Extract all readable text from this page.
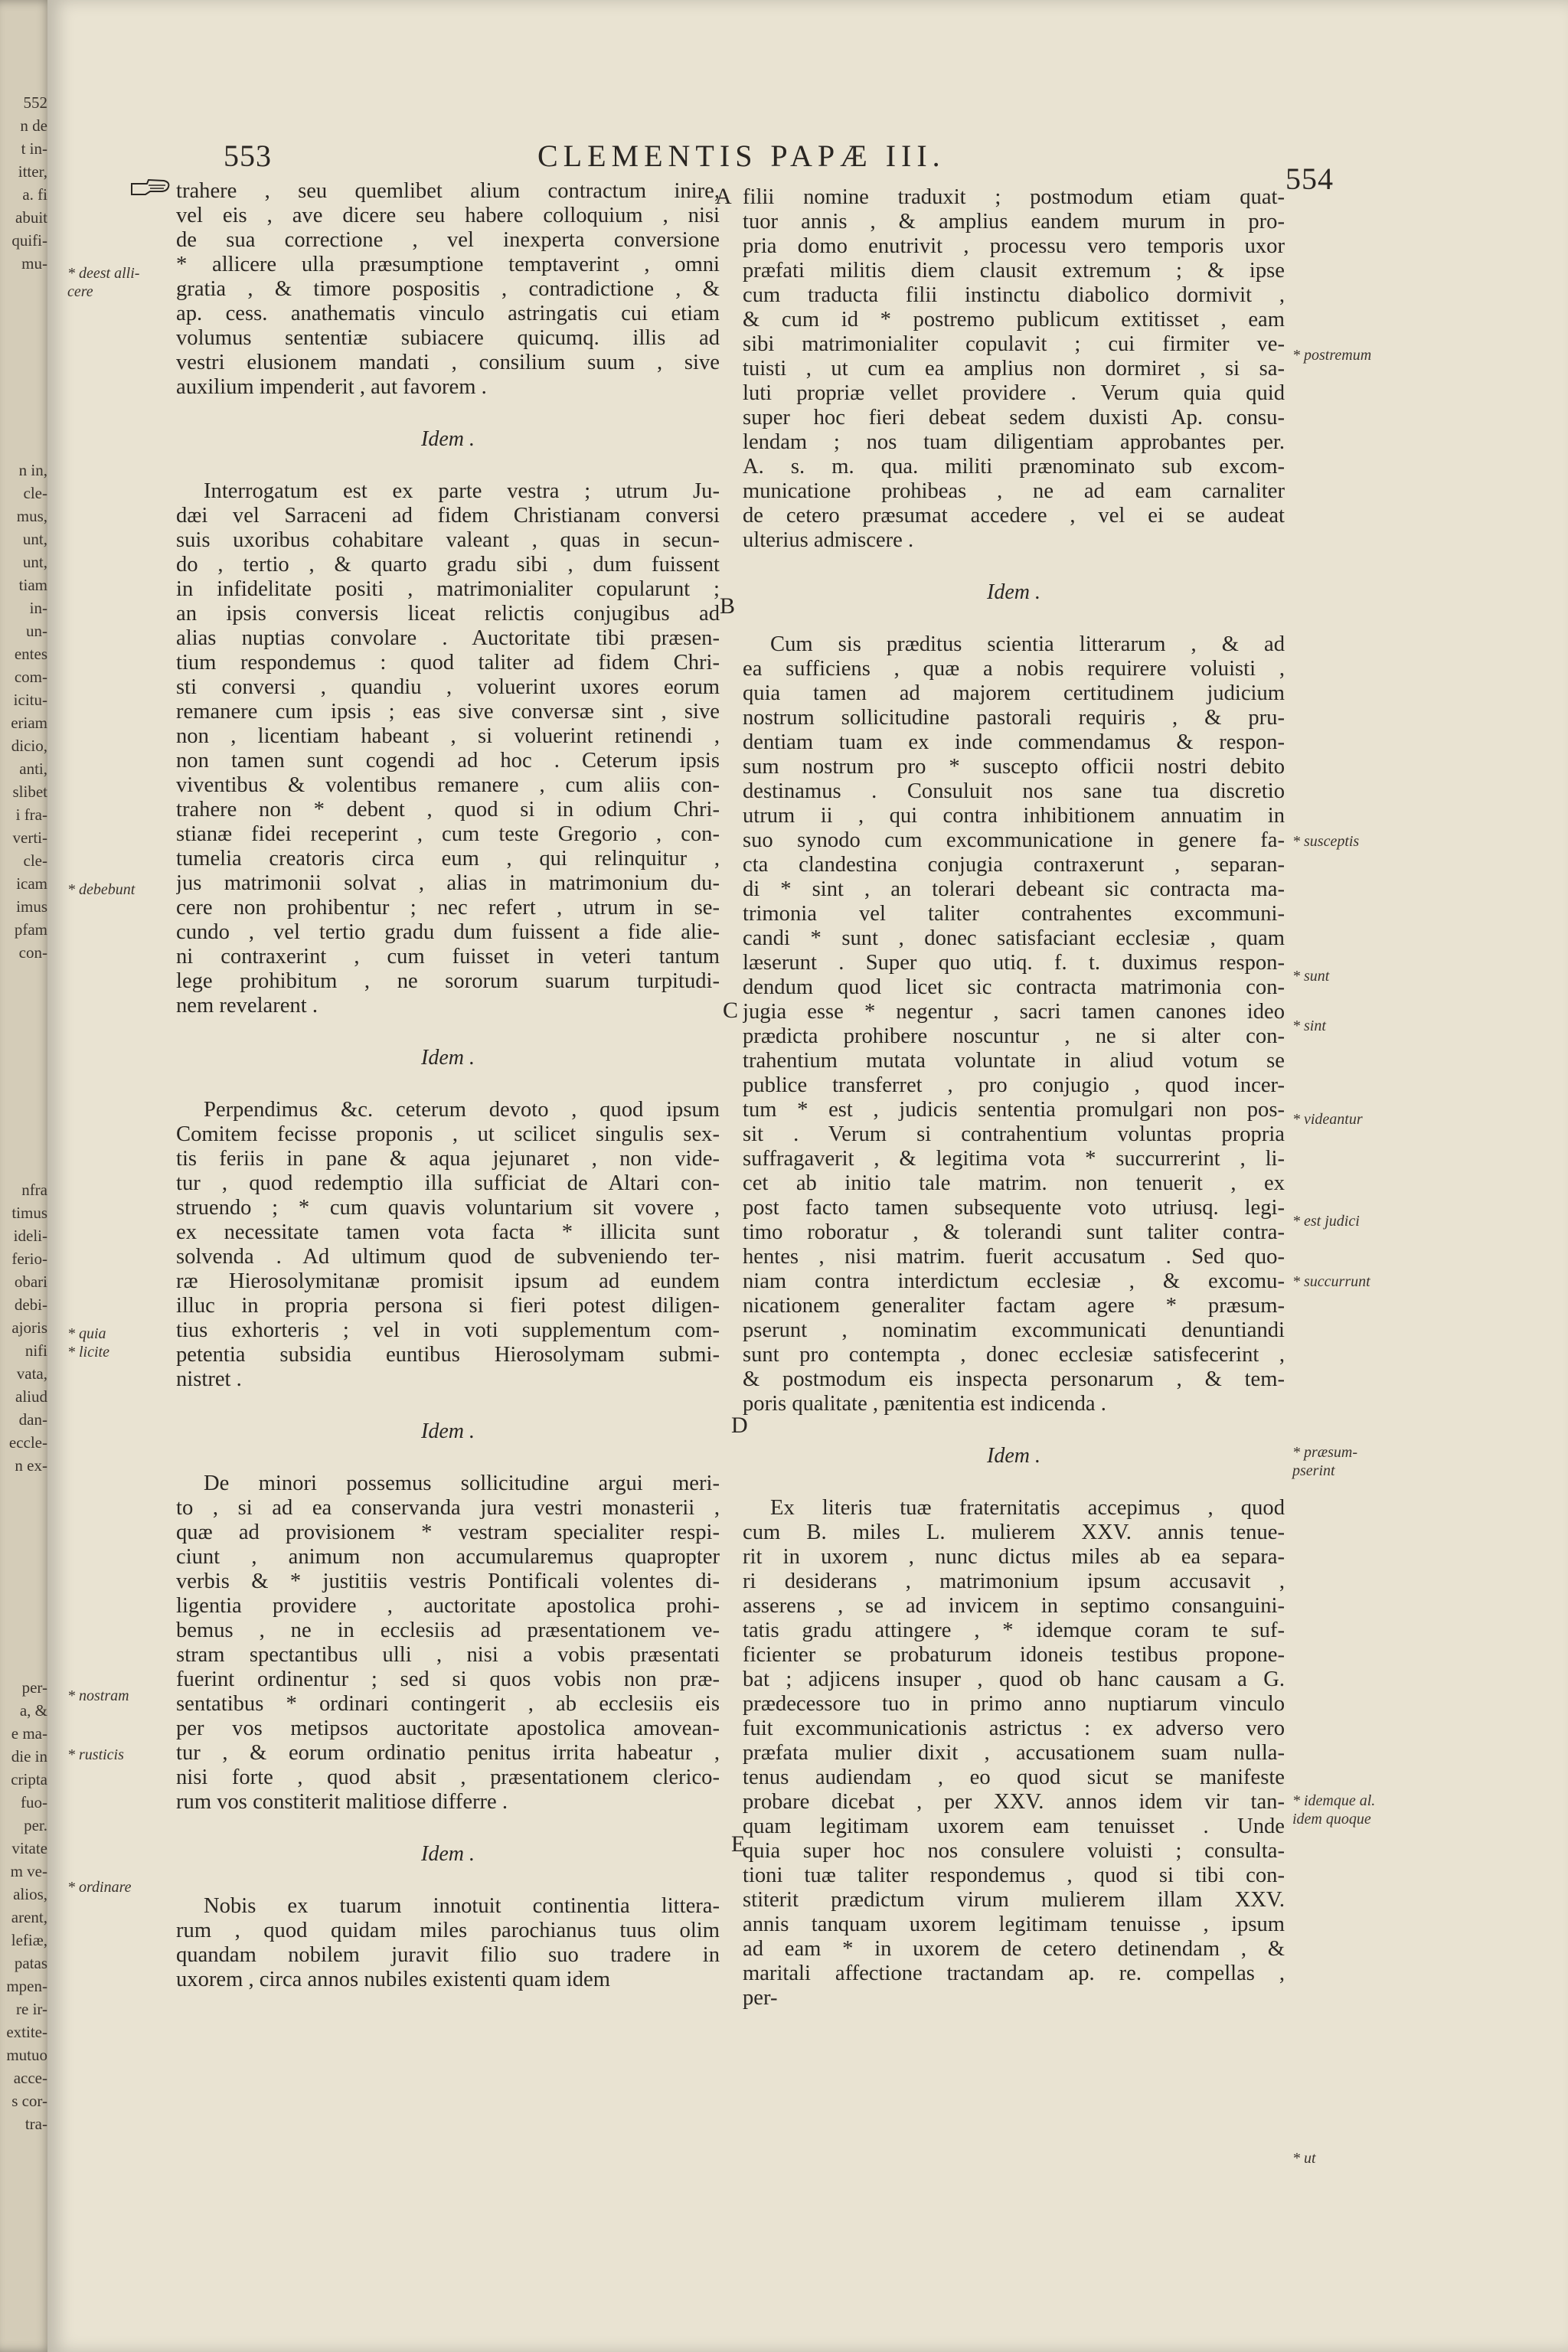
552
n de
t in-
itter,
a. fi
abuit
quifi-
mu-
n in,
cle-
mus,
unt,
unt,
tiam
in-
un-
entes
com-
icitu-
eriam
dicio,
anti,
slibet
i fra-
verti-
cle-
icam
imus
pfam
con-
nfra
timus
ideli-
ferio-
obari
debi-
ajoris
nifi
vata,
aliud
dan-
eccle-
n ex-
per-
a, &
e ma-
die in
cripta
fuo-
per.
vitate
m ve-
alios,
arent,
lefiæ,
patas
mpen-
re ir-
extite-
mutuo
acce-
s cor-
tra-
553	CLEMENTIS PAPÆ III.
554

trahere , seu quemlibet alium contractum inire,
vel eis , ave dicere seu habere colloquium , nisi
de sua correctione , vel inexperta conversione
* allicere ulla præsumptione temptaverint , omni
gratia , & timore pospositis , contradictione , &
ap. cess. anathematis vinculo astringatis cui etiam
volumus sententiæ subiacere quicumq. illis ad
vestri elusionem mandati , consilium suum , sive
auxilium impenderit , aut favorem .

Idem .

Interrogatum est ex parte vestra ; utrum Ju-
dæi vel Sarraceni ad fidem Christianam conversi
suis uxoribus cohabitare valeant , quas in secun-
do , tertio , & quarto gradu sibi , dum fuissent
in infidelitate positi , matrimonialiter copularunt ;
an ipsis conversis liceat relictis conjugibus ad
alias nuptias convolare . Auctoritate tibi præsen-
tium respondemus : quod taliter ad fidem Chri-
sti conversi , quandiu , voluerint uxores eorum
remanere cum ipsis ; eas sive conversæ sint , sive
non , licentiam habeant , si voluerint retinendi ,
non tamen sunt cogendi ad hoc . Ceterum ipsis
viventibus & volentibus remanere , cum aliis con-
trahere non * debent , quod si in odium Chri-
stianæ fidei receperint , cum teste Gregorio , con-
tumelia creatoris circa eum , qui relinquitur ,
jus matrimonii solvat , alias in matrimonium du-
cere non prohibentur ; nec refert , utrum in se-
cundo , vel tertio gradu dum fuissent a fide alie-
ni contraxerint , cum fuisset in veteri tantum
lege prohibitum , ne sororum suarum turpitudi-
nem revelarent .

Idem .

Perpendimus &c. ceterum devoto , quod ipsum
Comitem fecisse proponis , ut scilicet singulis sex-
tis feriis in pane & aqua jejunaret , non vide-
tur , quod redemptio illa sufficiat de Altari con-
struendo ; * cum quavis voluntarium sit vovere ,
ex necessitate tamen vota facta * illicita sunt
solvenda . Ad ultimum quod de subveniendo ter-
ræ Hierosolymitanæ promisit ipsum ad eundem
illuc in propria persona si fieri potest diligen-
tius exhorteris ; vel in voti supplementum com-
petentia subsidia euntibus Hierosolymam submi-
nistret .

Idem .

De minori possemus sollicitudine argui meri-
to , si ad ea conservanda jura vestri monasterii ,
quæ ad provisionem * vestram specialiter respi-
ciunt , animum non accumularemus quapropter
verbis & * justitiis vestris Pontificali volentes di-
ligentia providere , auctoritate apostolica prohi-
bemus , ne in ecclesiis ad præsentationem ve-
stram spectantibus ulli , nisi a vobis præsentati
fuerint ordinentur ; sed si quos vobis non præ-
sentatibus * ordinari contingerit , ab ecclesiis eis
per vos metipsos auctoritate apostolica amovean-
tur , & eorum ordinatio penitus irrita habeatur ,
nisi forte , quod absit , præsentationem clerico-
rum vos constiterit malitiose differre .

Idem .

Nobis ex tuarum innotuit continentia littera-
rum , quod quidam miles parochianus tuus olim
quandam nobilem juravit filio suo tradere in
uxorem , circa annos nubiles existenti quam idem

filii nomine traduxit ; postmodum etiam quat-
tuor annis , & amplius eandem murum in pro-
pria domo enutrivit , processu vero temporis uxor
præfati militis diem clausit extremum ; & ipse
cum traducta filii instinctu diabolico dormivit ,
& cum id * postremo publicum extitisset , eam
sibi matrimonialiter copulavit ; cui firmiter ve-
tuisti , ut cum ea amplius non dormiret , si sa-
luti propriæ vellet providere . Verum quia quid
super hoc fieri debeat sedem duxisti Ap. consu-
lendam ; nos tuam diligentiam approbantes per.
A. s. m. qua. militi prænominato sub excom-
municatione prohibeas , ne ad eam carnaliter
de cetero præsumat accedere , vel ei se audeat
ulterius admiscere .

Idem .

Cum sis præditus scientia litterarum , & ad
ea sufficiens , quæ a nobis requirere voluisti ,
quia tamen ad majorem certitudinem judicium
nostrum sollicitudine pastorali requiris , & pru-
dentiam tuam ex inde commendamus & respon-
sum nostrum pro * suscepto officii nostri debito
destinamus . Consuluit nos sane tua discretio
utrum ii , qui contra inhibitionem annuatim in
suo synodo cum excommunicatione in genere fa-
cta clandestina conjugia contraxerunt , separan-
di * sint , an tolerari debeant sic contracta ma-
trimonia vel taliter contrahentes excommuni-
candi * sunt , donec satisfaciant ecclesiæ , quam
læserunt . Super quo utiq. f. t. duximus respon-
dendum quod licet sic contracta matrimonia con-
jugia esse * negentur , sacri tamen canones ideo
prædicta prohibere noscuntur , ne si alter con-
trahentium mutata voluntate in aliud votum se
publice transferret , pro conjugio , quod incer-
tum * est , judicis sententia promulgari non pos-
sit . Verum si contrahentium voluntas propria
suffragaverit , & legitima vota * succurrerint , li-
cet ab initio tale matrim. non tenuerit , ex
post facto tamen subsequente voto utriusq. legi-
timo roboratur , & tolerandi sunt taliter contra-
hentes , nisi matrim. fuerit accusatum . Sed quo-
niam contra interdictum ecclesiæ , & excomu-
nicationem generaliter factam agere * præsum-
pserunt , nominatim excommunicati denuntiandi
sunt pro contempta , donec ecclesiæ satisfecerint ,
& postmodum eis inspecta personarum , & tem-
poris qualitate , pænitentia est indicenda .

Idem .

Ex literis tuæ fraternitatis accepimus , quod
cum B. miles L. mulierem XXV. annis tenue-
rit in uxorem , nunc dictus miles ab ea separa-
ri desiderans , matrimonium ipsum accusavit ,
asserens , se ad invicem in septimo consanguini-
tatis gradu attingere , * idemque coram te suf-
ficienter se probaturum idoneis testibus propone-
bat ; adjicens insuper , quod ob hanc causam a G.
prædecessore tuo in primo anno nuptiarum vinculo
fuit excommunicationis astrictus : ex adverso vero
præfata mulier dixit , accusationem suam nulla-
tenus audiendam , eo quod sicut se manifeste
probare dicebat , per XXV. annos idem vir tan-
quam legitimam uxorem eam tenuisset . Unde
quia super hoc nos consulere voluisti ; consulta-
tioni tuæ taliter respondemus , quod si tibi con-
stiterit prædictum virum mulierem illam XXV.
annis tanquam uxorem legitimam tenuisse , ipsum
ad eam * in uxorem de cetero detinendam , &
maritali affectione tractandam ap. re. compellas ,
per-

* deest alli-
cere
* debebunt
* quia
* licite
* nostram
* rusticis
* ordinare
* postremum
* susceptis
* sunt
* sint
* videantur
* est judici
* succurrunt
* præsum-
pserint
* idemque al.
idem quoque
* ut
A
B
C
D
E
